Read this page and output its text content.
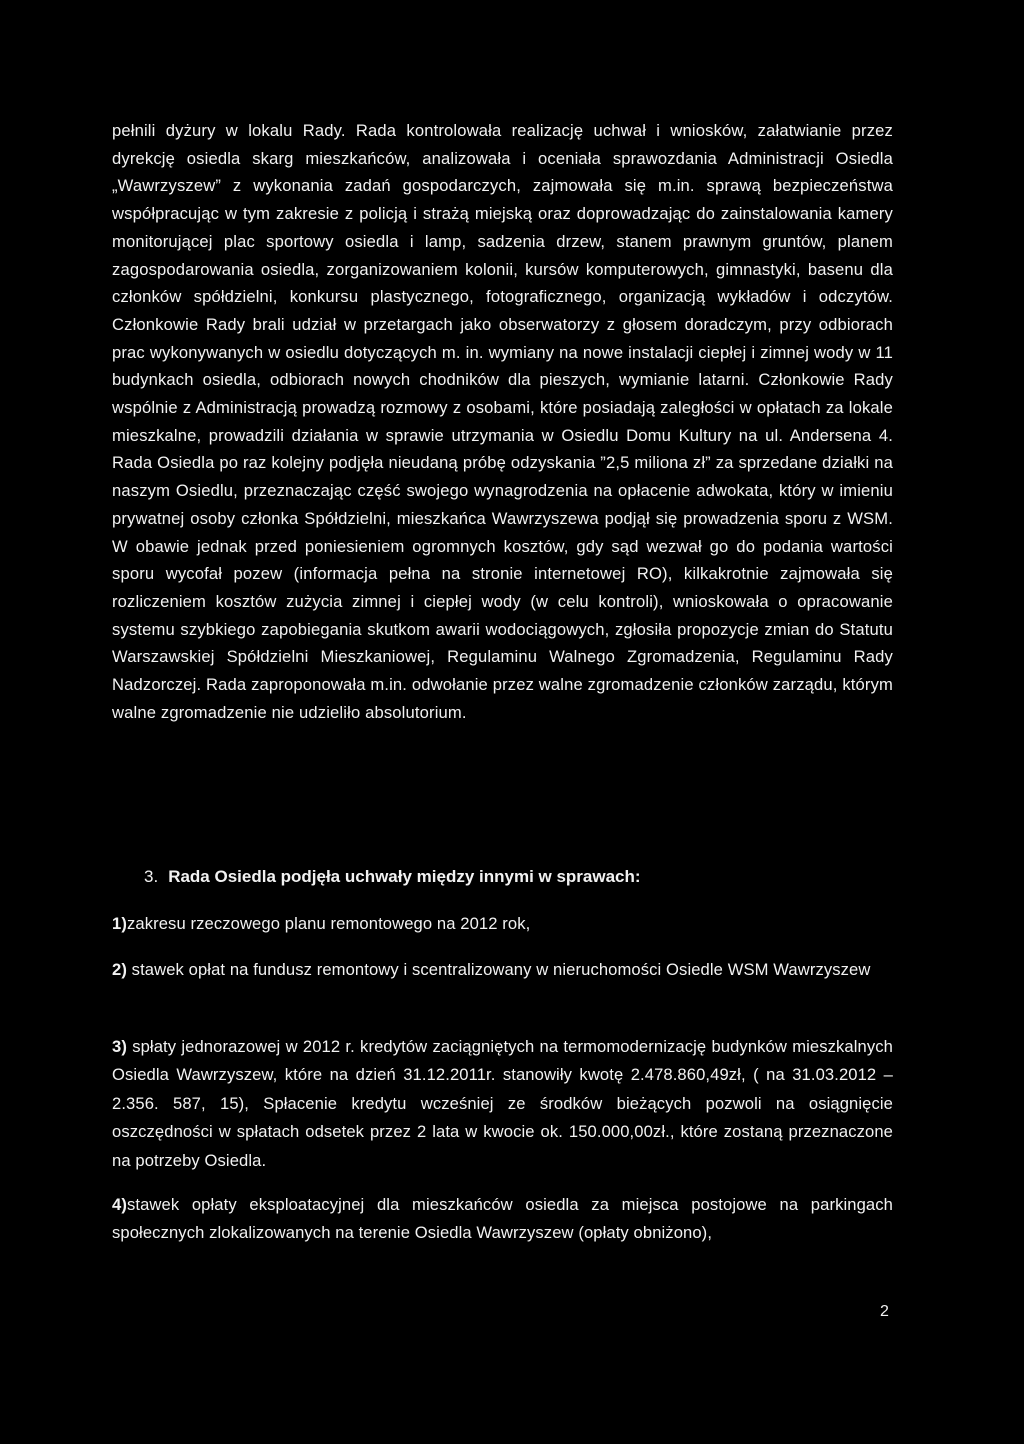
pełnili dyżury w lokalu Rady. Rada kontrolowała realizację uchwał i wniosków, załatwianie przez dyrekcję osiedla skarg mieszkańców, analizowała i oceniała sprawozdania Administracji Osiedla „Wawrzyszew” z wykonania zadań gospodarczych, zajmowała się m.in. sprawą bezpieczeństwa współpracując w tym zakresie z policją i strażą miejską oraz doprowadzając do zainstalowania kamery monitorującej plac sportowy osiedla i lamp, sadzenia drzew, stanem prawnym gruntów, planem zagospodarowania osiedla, zorganizowaniem kolonii, kursów komputerowych, gimnastyki, basenu dla członków spółdzielni, konkursu plastycznego, fotograficznego, organizacją wykładów i odczytów. Członkowie Rady brali udział w przetargach jako obserwatorzy z głosem doradczym, przy odbiorach prac wykonywanych w osiedlu dotyczących m. in. wymiany na nowe instalacji ciepłej i zimnej wody w 11 budynkach osiedla, odbiorach nowych chodników dla pieszych, wymianie latarni. Członkowie Rady wspólnie z Administracją prowadzą rozmowy z osobami, które posiadają zaległości w opłatach za lokale mieszkalne, prowadzili działania w sprawie utrzymania w Osiedlu Domu Kultury na ul. Andersena 4. Rada Osiedla po raz kolejny podjęła nieudaną próbę odzyskania ”2,5 miliona zł” za sprzedane działki na naszym Osiedlu, przeznaczając część swojego wynagrodzenia na opłacenie adwokata, który w imieniu prywatnej osoby członka Spółdzielni, mieszkańca Wawrzyszewa podjął się prowadzenia sporu z WSM. W obawie jednak przed poniesieniem ogromnych kosztów, gdy sąd wezwał go do podania wartości sporu wycofał pozew (informacja pełna na stronie internetowej RO), kilkakrotnie zajmowała się rozliczeniem kosztów zużycia zimnej i ciepłej wody (w celu kontroli), wnioskowała o opracowanie systemu szybkiego zapobiegania skutkom awarii wodociągowych, zgłosiła propozycje zmian do Statutu Warszawskiej Spółdzielni Mieszkaniowej, Regulaminu Walnego Zgromadzenia, Regulaminu Rady Nadzorczej. Rada zaproponowała m.in. odwołanie przez walne zgromadzenie członków zarządu, którym walne zgromadzenie nie udzieliło absolutorium.

3. Rada Osiedla podjęła uchwały między innymi w sprawach:

1)zakresu rzeczowego planu remontowego na 2012 rok,

2) stawek opłat na fundusz remontowy i scentralizowany w nieruchomości Osiedle WSM Wawrzyszew

3) spłaty jednorazowej w 2012 r. kredytów zaciągniętych na termomodernizację budynków mieszkalnych Osiedla Wawrzyszew, które na dzień 31.12.2011r. stanowiły kwotę 2.478.860,49zł, ( na 31.03.2012 – 2.356. 587, 15), Spłacenie kredytu wcześniej ze środków bieżących pozwoli na osiągnięcie oszczędności w spłatach odsetek przez 2 lata w kwocie ok. 150.000,00zł., które zostaną przeznaczone na potrzeby Osiedla.

4)stawek opłaty eksploatacyjnej dla mieszkańców osiedla za miejsca postojowe na parkingach społecznych zlokalizowanych na terenie Osiedla Wawrzyszew (opłaty obniżono),

2
